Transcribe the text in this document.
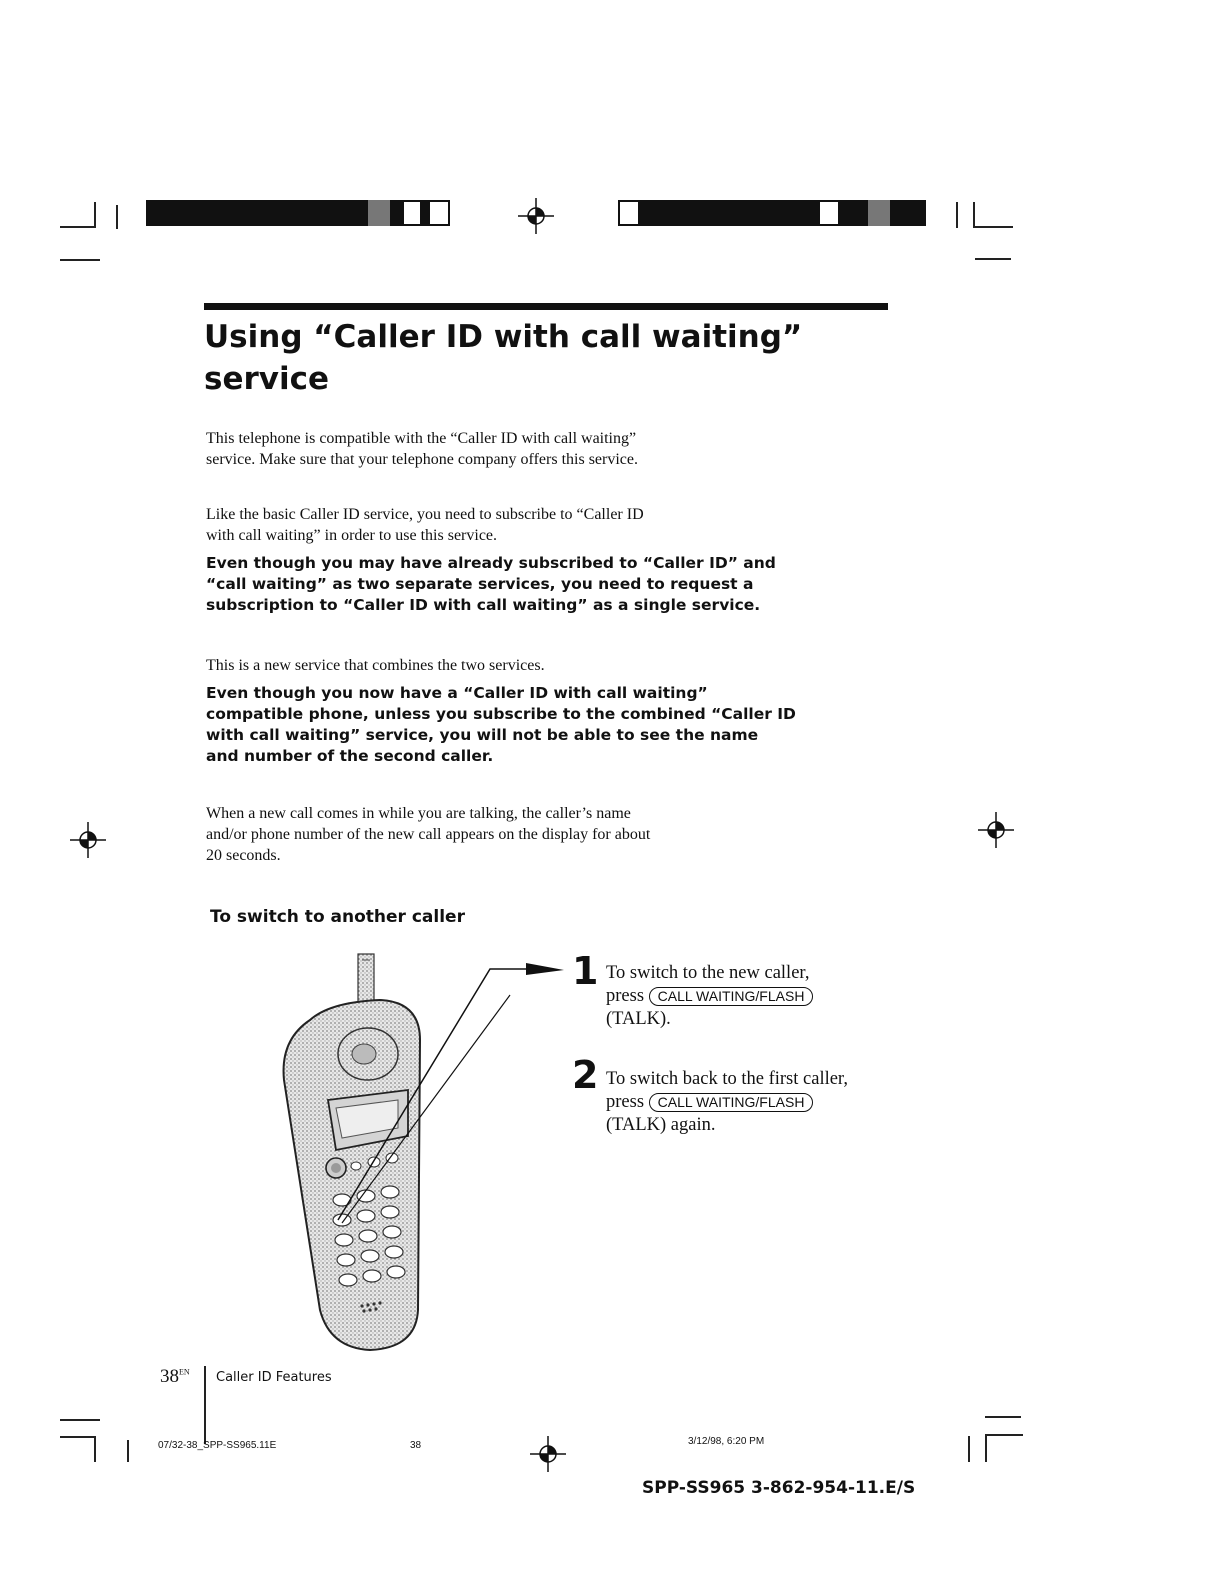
Using “Caller ID with call waiting”
service
This telephone is compatible with the “Caller ID with call waiting”
service. Make sure that your telephone company offers this service.
Like the basic Caller ID service, you need to subscribe to “Caller ID
with call waiting” in order to use this service.
Even though you may have already subscribed to “Caller ID” and
“call waiting” as two separate services, you need to request a
subscription to “Caller ID with call waiting” as a single service.
This is a new service that combines the two services.
Even though you now have a “Caller ID with call waiting”
compatible phone, unless you subscribe to the combined “Caller ID
with call waiting” service, you will not be able to see the name
and number of the second caller.
When a new call comes in while you are talking, the caller’s name
and/or phone number of the new call appears on the display for about
20 seconds.
To switch to another caller
1 To switch to the new caller,
press CALL WAITING/FLASH
(TALK).
2 To switch back to the first caller,
press CALL WAITING/FLASH
(TALK) again.
$38^{EN}$ Caller ID Features
07/32-38_SPP-SS965.11E	38	3/12/98, 6:20 PM
SPP-SS965 3-862-954-11.E/S
